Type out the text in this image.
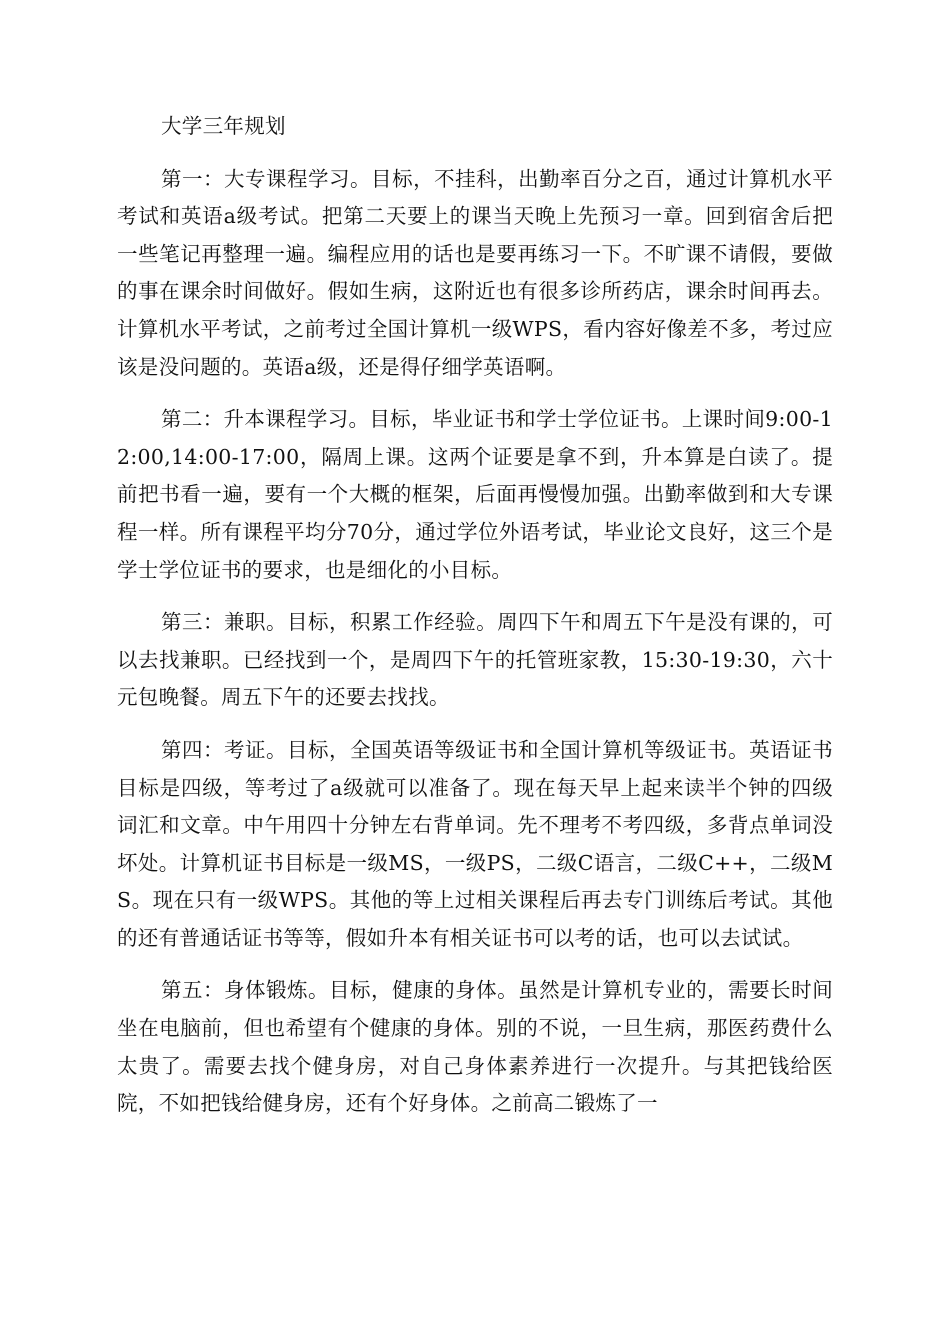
大学三年规划

第一：大专课程学习。目标，不挂科，出勤率百分之百，通过计算机水平考试和英语a级考试。把第二天要上的课当天晚上先预习一章。回到宿舍后把一些笔记再整理一遍。编程应用的话也是要再练习一下。不旷课不请假，要做的事在课余时间做好。假如生病，这附近也有很多诊所药店，课余时间再去。计算机水平考试，之前考过全国计算机一级WPS，看内容好像差不多，考过应该是没问题的。英语a级，还是得仔细学英语啊。

第二：升本课程学习。目标，毕业证书和学士学位证书。上课时间9:00-12:00,14:00-17:00，隔周上课。这两个证要是拿不到，升本算是白读了。提前把书看一遍，要有一个大概的框架，后面再慢慢加强。出勤率做到和大专课程一样。所有课程平均分70分，通过学位外语考试，毕业论文良好，这三个是学士学位证书的要求，也是细化的小目标。

第三：兼职。目标，积累工作经验。周四下午和周五下午是没有课的，可以去找兼职。已经找到一个，是周四下午的托管班家教，15:30-19:30，六十元包晚餐。周五下午的还要去找找。

第四：考证。目标，全国英语等级证书和全国计算机等级证书。英语证书目标是四级，等考过了a级就可以准备了。现在每天早上起来读半个钟的四级词汇和文章。中午用四十分钟左右背单词。先不理考不考四级，多背点单词没坏处。计算机证书目标是一级MS，一级PS，二级C语言，二级C++，二级MS。现在只有一级WPS。其他的等上过相关课程后再去专门训练后考试。其他的还有普通话证书等等，假如升本有相关证书可以考的话，也可以去试试。

第五：身体锻炼。目标，健康的身体。虽然是计算机专业的，需要长时间坐在电脑前，但也希望有个健康的身体。别的不说，一旦生病，那医药费什么太贵了。需要去找个健身房，对自己身体素养进行一次提升。与其把钱给医院，不如把钱给健身房，还有个好身体。之前高二锻炼了一
